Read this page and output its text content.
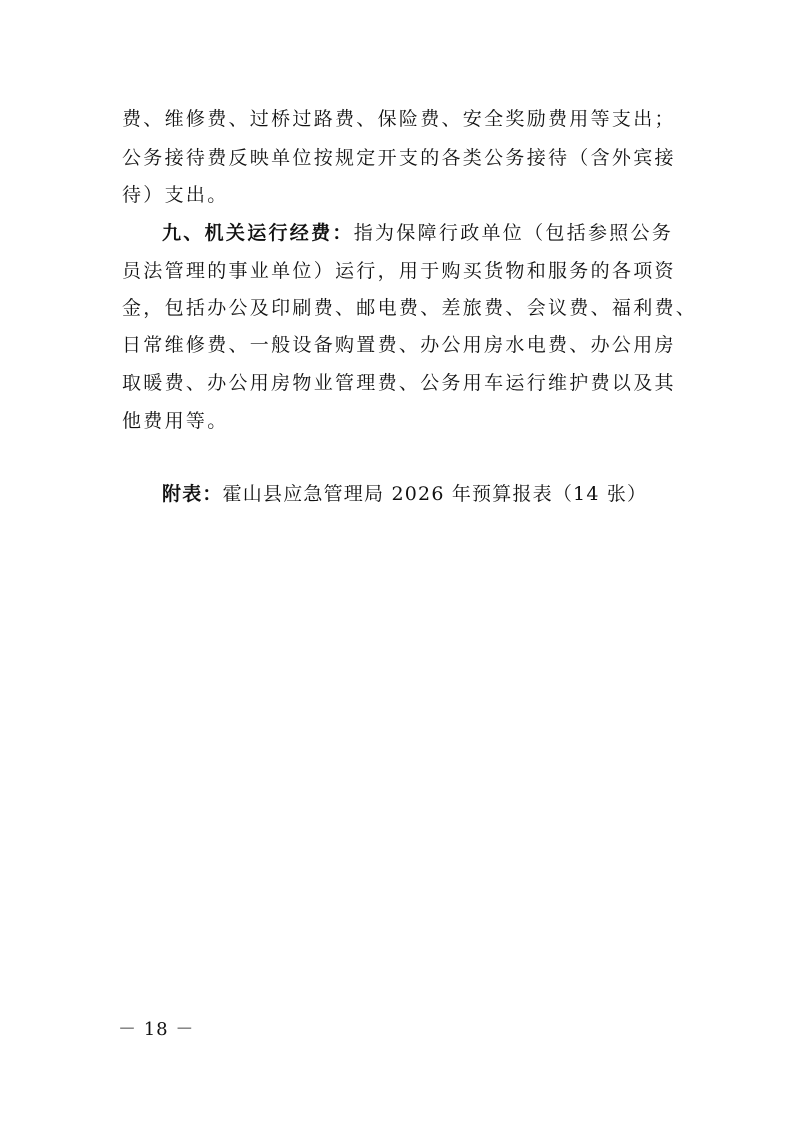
费、维修费、过桥过路费、保险费、安全奖励费用等支出；
公务接待费反映单位按规定开支的各类公务接待（含外宾接
待）支出。
九、机关运行经费：指为保障行政单位（包括参照公务
员法管理的事业单位）运行，用于购买货物和服务的各项资
金，包括办公及印刷费、邮电费、差旅费、会议费、福利费、
日常维修费、一般设备购置费、办公用房水电费、办公用房
取暖费、办公用房物业管理费、公务用车运行维护费以及其
他费用等。
附表：霍山县应急管理局 2026 年预算报表（14 张）
－ 18 －
